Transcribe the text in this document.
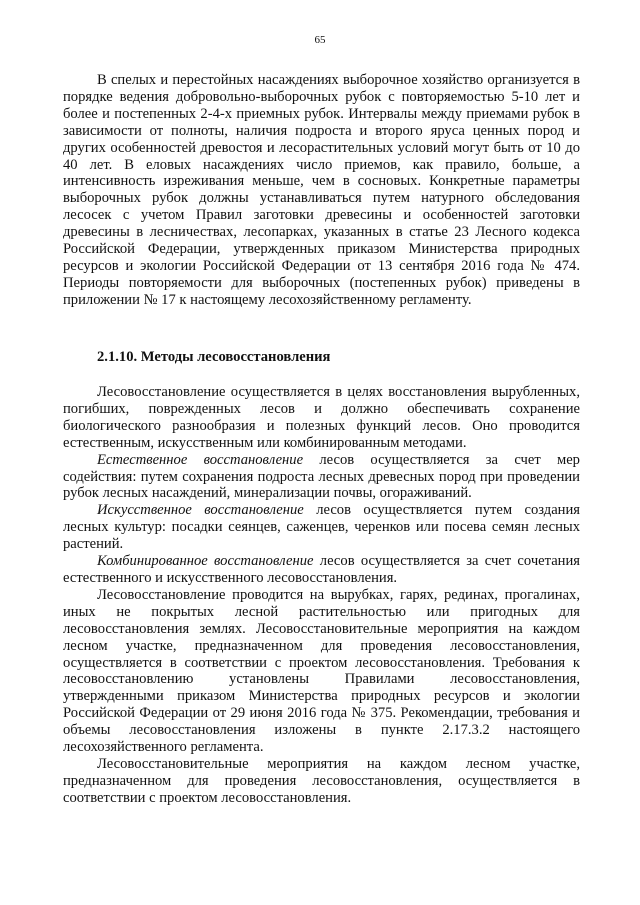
65

В спелых и перестойных насаждениях выборочное хозяйство организуется в порядке ведения добровольно-выборочных рубок с повторяемостью 5-10 лет и более и постепенных 2-4-х приемных рубок. Интервалы между приемами рубок в зависимости от полноты, наличия подроста и второго яруса ценных пород и других особенностей древостоя и лесорастительных условий могут быть от 10 до 40 лет. В еловых насаждениях число приемов, как правило, больше, а интенсивность изреживания меньше, чем в сосновых. Конкретные параметры выборочных рубок должны устанавливаться путем натурного обследования лесосек с учетом Правил заготовки древесины и особенностей заготовки древесины в лесничествах, лесопарках, указанных в статье 23 Лесного кодекса Российской Федерации, утвержденных приказом Министерства природных ресурсов и экологии Российской Федерации от 13 сентября 2016 года № 474. Периоды повторяемости для выборочных (постепенных рубок) приведены в приложении № 17 к настоящему лесохозяйственному регламенту.

2.1.10. Методы лесовосстановления

Лесовосстановление осуществляется в целях восстановления вырубленных, погибших, поврежденных лесов и должно обеспечивать сохранение биологического разнообразия и полезных функций лесов. Оно проводится естественным, искусственным или комбинированным методами.

Естественное восстановление лесов осуществляется за счет мер содействия: путем сохранения подроста лесных древесных пород при проведении рубок лесных насаждений, минерализации почвы, огораживаний.

Искусственное восстановление лесов осуществляется путем создания лесных культур: посадки сеянцев, саженцев, черенков или посева семян лесных растений.

Комбинированное восстановление лесов осуществляется за счет сочетания естественного и искусственного лесовосстановления.

Лесовосстановление проводится на вырубках, гарях, рединах, прогалинах, иных не покрытых лесной растительностью или пригодных для лесовосстановления землях. Лесовосстановительные мероприятия на каждом лесном участке, предназначенном для проведения лесовосстановления, осуществляется в соответствии с проектом лесовосстановления. Требования к лесовосстановлению установлены Правилами лесовосстановления, утвержденными приказом Министерства природных ресурсов и экологии Российской Федерации от 29 июня 2016 года № 375. Рекомендации, требования и объемы лесовосстановления изложены в пункте 2.17.3.2 настоящего лесохозяйственного регламента.

Лесовосстановительные мероприятия на каждом лесном участке, предназначенном для проведения лесовосстановления, осуществляется в соответствии с проектом лесовосстановления.
